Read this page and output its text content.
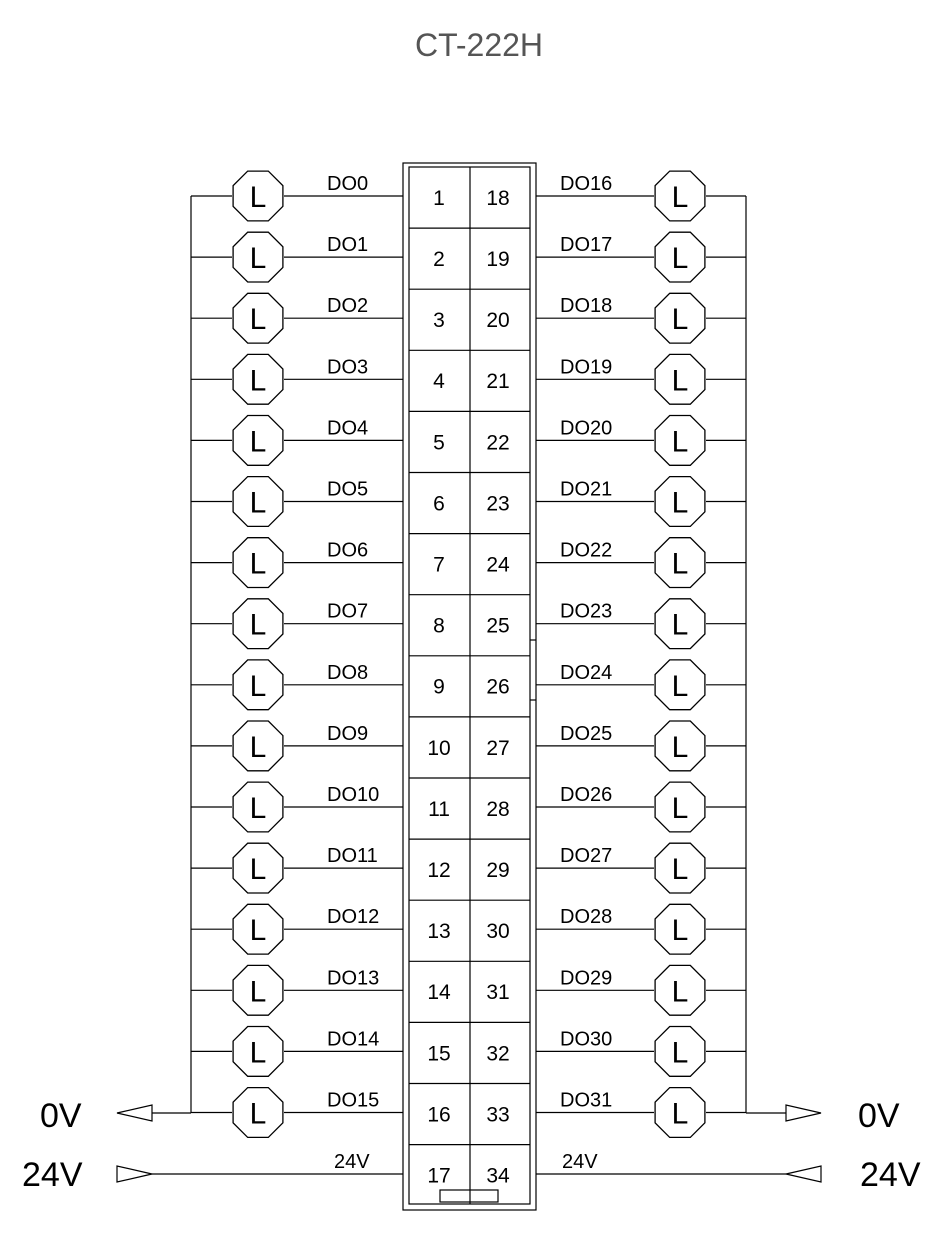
CT-222H
1 18
2 19
3 20
4 21
5 22
6 23
7 24
8 25
9 26
10 27
11 28
12 29
13 30
14 31
15 32
16 33
17 34
L	DO0
L	DO1
L	DO2
L	DO3
L	DO4
L	DO5
L	DO6
L	DO7
L	DO8
L	DO9
L	DO10
L	DO11
L	DO12
L	DO13
L	DO14
L	DO15
L
DO16
L
DO17
L
DO18
L
DO19
L
DO20
L
DO21
L
DO22
L
DO23
L
DO24
L
DO25
L
DO26
L
DO27
L
DO28
L
DO29
L
DO30
L
DO31
0V	0V
24V	24V	24V
24V
